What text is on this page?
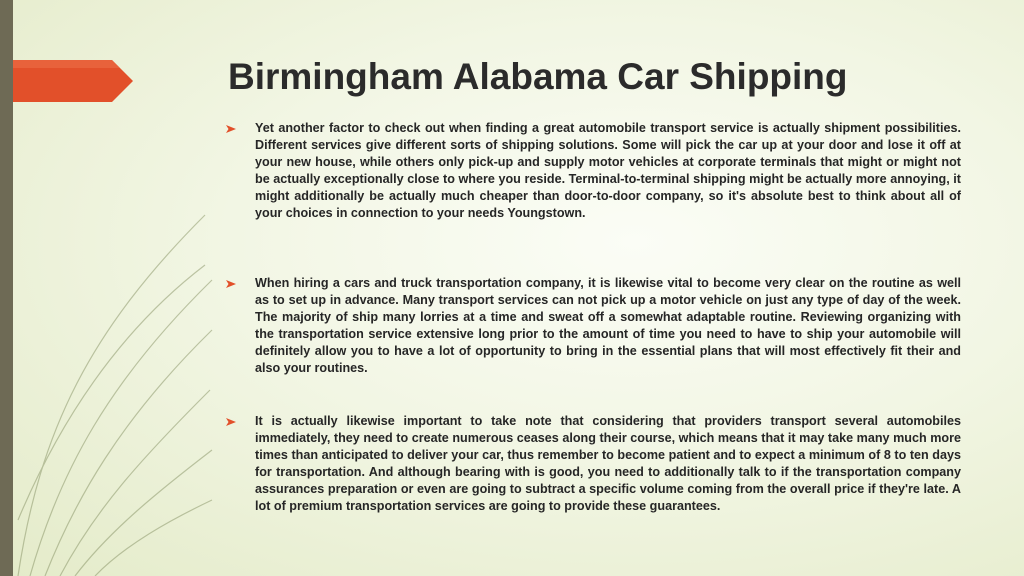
Birmingham Alabama Car Shipping
Yet another factor to check out when finding a great automobile transport service is actually shipment possibilities. Different services give different sorts of shipping solutions. Some will pick the car up at your door and lose it off at your new house, while others only pick-up and supply motor vehicles at corporate terminals that might or might not be actually exceptionally close to where you reside. Terminal-to-terminal shipping might be actually more annoying, it might additionally be actually much cheaper than door-to-door company, so it's absolute best to think about all of your choices in connection to your needs Youngstown.
When hiring a cars and truck transportation company, it is likewise vital to become very clear on the routine as well as to set up in advance. Many transport services can not pick up a motor vehicle on just any type of day of the week. The majority of ship many lorries at a time and sweat off a somewhat adaptable routine. Reviewing organizing with the transportation service extensive long prior to the amount of time you need to have to ship your automobile will definitely allow you to have a lot of opportunity to bring in the essential plans that will most effectively fit their and also your routines.
It is actually likewise important to take note that considering that providers transport several automobiles immediately, they need to create numerous ceases along their course, which means that it may take many much more times than anticipated to deliver your car, thus remember to become patient and to expect a minimum of 8 to ten days for transportation. And although bearing with is good, you need to additionally talk to if the transportation company assurances preparation or even are going to subtract a specific volume coming from the overall price if they're late. A lot of premium transportation services are going to provide these guarantees.
